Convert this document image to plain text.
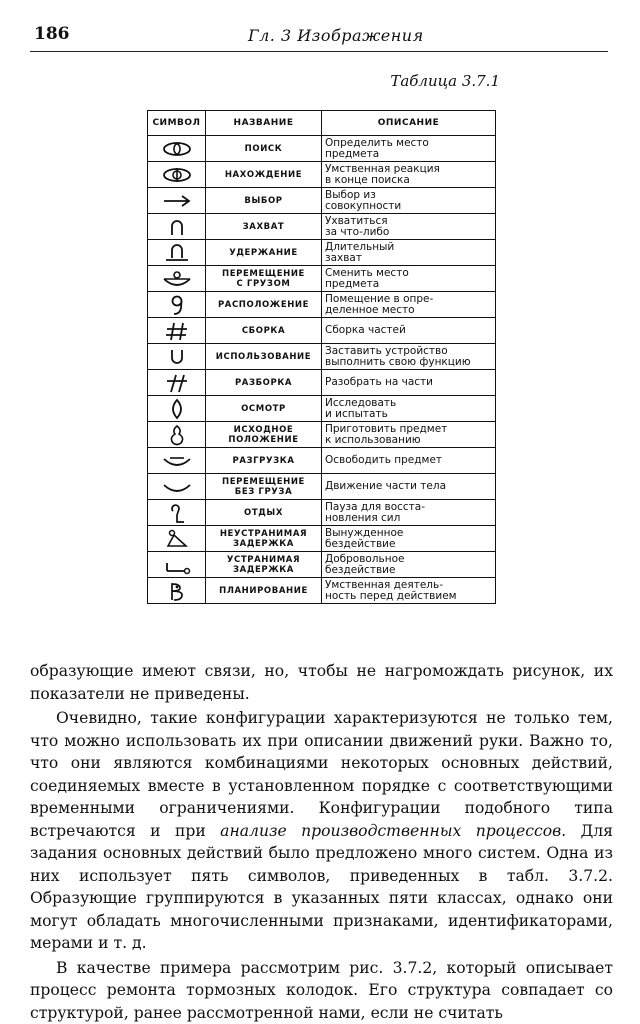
186	Гл. 3 Изображения
Таблица 3.7.1
СИМВОЛ	НАЗВАНИЕ	ОПИСАНИЕ

	ПОИСК	Определить место
предмета

	НАХОЖДЕНИЕ	Умственная реакция
в конце поиска

	ВЫБОР	Выбор из
совокупности

	ЗАХВАТ	Ухватиться
за что-либо

	УДЕРЖАНИЕ	Длительный
захват

	ПЕРЕМЕЩЕНИЕ
С ГРУЗОМ	Сменить место
предмета

	РАСПОЛОЖЕНИЕ	Помещение в опре-
деленное место

	СБОРКА	Сборка частей

	ИСПОЛЬЗОВАНИЕ	Заставить устройство
выполнить свою функцию

	РАЗБОРКА	Разобрать на части

	ОСМОТР	Исследовать
и испытать

	ИСХОДНОЕ
ПОЛОЖЕНИЕ	Приготовить предмет
к использованию

	РАЗГРУЗКА	Освободить предмет

	ПЕРЕМЕЩЕНИЕ
БЕЗ ГРУЗА	Движение части тела

	ОТДЫХ	Пауза для восста-
новления сил

	НЕУСТРАНИМАЯ
ЗАДЕРЖКА	Вынужденное
бездействие

	УСТРАНИМАЯ
ЗАДЕРЖКА	Добровольное
бездействие

	ПЛАНИРОВАНИЕ	Умственная деятель-
ность перед действием

образующие имеют связи, но, чтобы не нагромождать рисунок, их показатели не приведены.

Очевидно, такие конфигурации характеризуются не только тем, что можно использовать их при описании движений руки. Важно то, что они являются комбинациями некоторых основных действий, соединяемых вместе в установленном порядке с соответствующими временными ограничениями. Конфигурации подобного типа встречаются и при анализе производственных процессов. Для задания основных действий было предложено много систем. Одна из них использует пять символов, приведенных в табл. 3.7.2. Образующие группируются в указанных пяти классах, однако они могут обладать многочисленными признаками, идентификаторами, мерами и т. д.

В качестве примера рассмотрим рис. 3.7.2, который описывает процесс ремонта тормозных колодок. Его структура совпадает со структурой, ранее рассмотренной нами, если не считать
